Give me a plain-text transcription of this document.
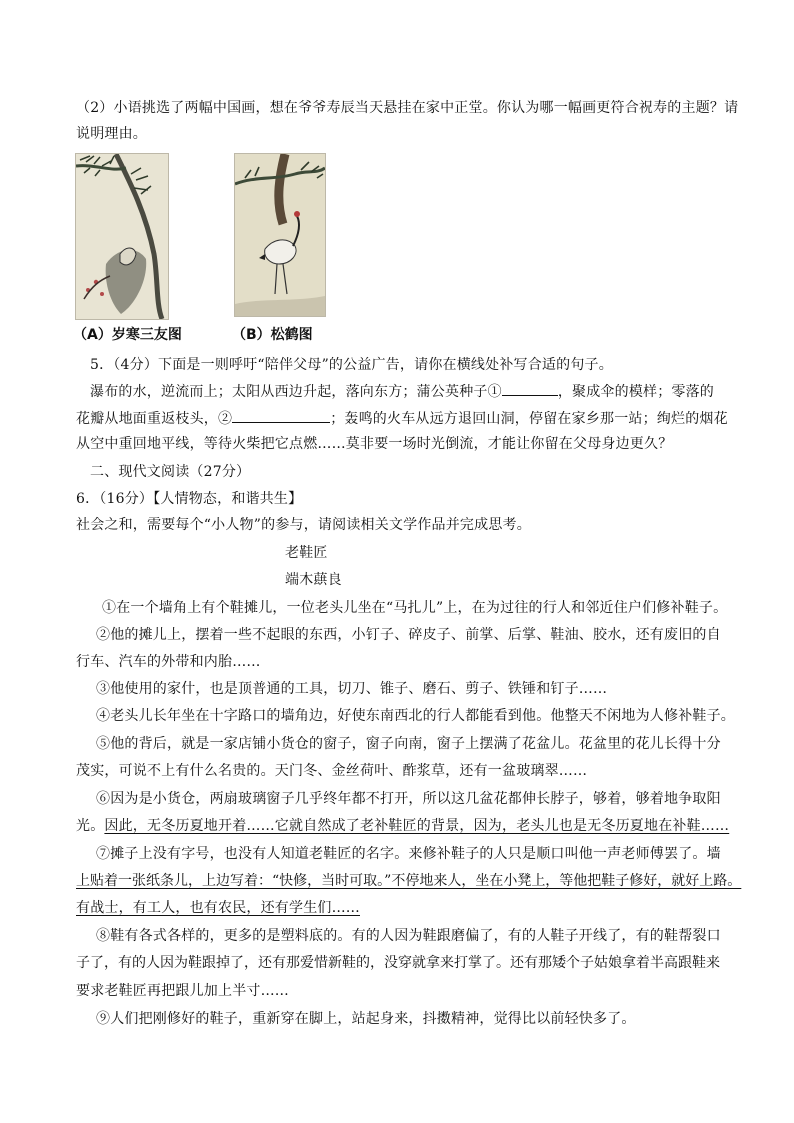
（2）小语挑选了两幅中国画，想在爷爷寿辰当天悬挂在家中正堂。你认为哪一幅画更符合祝寿的主题？请
说明理由。
（A）岁寒三友图	（B）松鹤图
5．（4分）下面是一则呼吁“陪伴父母”的公益广告，请你在横线处补写合适的句子。
瀑布的水，逆流而上；太阳从西边升起，落向东方；蒲公英种子①	，聚成伞的模样；零落的
花瓣从地面重返枝头，②	；轰鸣的火车从远方退回山洞，停留在家乡那一站；绚烂的烟花
从空中重回地平线，等待火柴把它点燃……莫非要一场时光倒流，才能让你留在父母身边更久？
二、现代文阅读（27分）
6．（16分）【人情物态，和谐共生】
社会之和，需要每个“小人物”的参与，请阅读相关文学作品并完成思考。
老鞋匠
端木蕻良
①在一个墙角上有个鞋摊儿，一位老头儿坐在“马扎儿”上，在为过往的行人和邻近住户们修补鞋子。
②他的摊儿上，摆着一些不起眼的东西，小钉子、碎皮子、前掌、后掌、鞋油、胶水，还有废旧的自
行车、汽车的外带和内胎……
③他使用的家什，也是顶普通的工具，切刀、锥子、磨石、剪子、铁锤和钉子……
④老头儿长年坐在十字路口的墙角边，好使东南西北的行人都能看到他。他整天不闲地为人修补鞋子。
⑤他的背后，就是一家店铺小货仓的窗子，窗子向南，窗子上摆满了花盆儿。花盆里的花儿长得十分
茂实，可说不上有什么名贵的。天门冬、金丝荷叶、酢浆草，还有一盆玻璃翠……
⑥因为是小货仓，两扇玻璃窗子几乎终年都不打开，所以这几盆花都伸长脖子，够着，够着地争取阳
光。因此，无冬历夏地开着……它就自然成了老补鞋匠的背景，因为，老头儿也是无冬历夏地在补鞋……
⑦摊子上没有字号，也没有人知道老鞋匠的名字。来修补鞋子的人只是顺口叫他一声老师傅罢了。墙
上贴着一张纸条儿，上边写着：“快修，当时可取。”不停地来人，坐在小凳上，等他把鞋子修好，就好上路。
有战士，有工人，也有农民，还有学生们……
⑧鞋有各式各样的，更多的是塑料底的。有的人因为鞋跟磨偏了，有的人鞋子开线了，有的鞋帮裂口
子了，有的人因为鞋跟掉了，还有那爱惜新鞋的，没穿就拿来打掌了。还有那矮个子姑娘拿着半高跟鞋来
要求老鞋匠再把跟儿加上半寸……
⑨人们把刚修好的鞋子，重新穿在脚上，站起身来，抖擞精神，觉得比以前轻快多了。
